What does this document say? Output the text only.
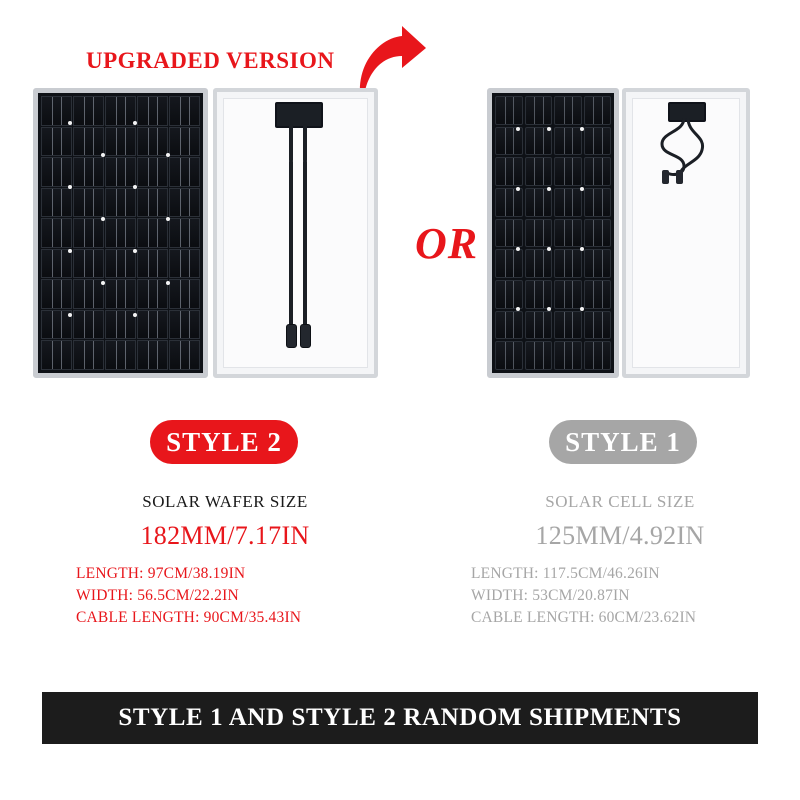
UPGRADED VERSION
OR
STYLE 2	STYLE 1
SOLAR WAFER SIZE
182MM/7.17IN
LENGTH: 97CM/38.19IN
WIDTH: 56.5CM/22.2IN
CABLE LENGTH: 90CM/35.43IN
SOLAR CELL SIZE
125MM/4.92IN
LENGTH: 117.5CM/46.26IN
WIDTH: 53CM/20.87IN
CABLE LENGTH: 60CM/23.62IN
STYLE 1 AND STYLE 2 RANDOM SHIPMENTS
